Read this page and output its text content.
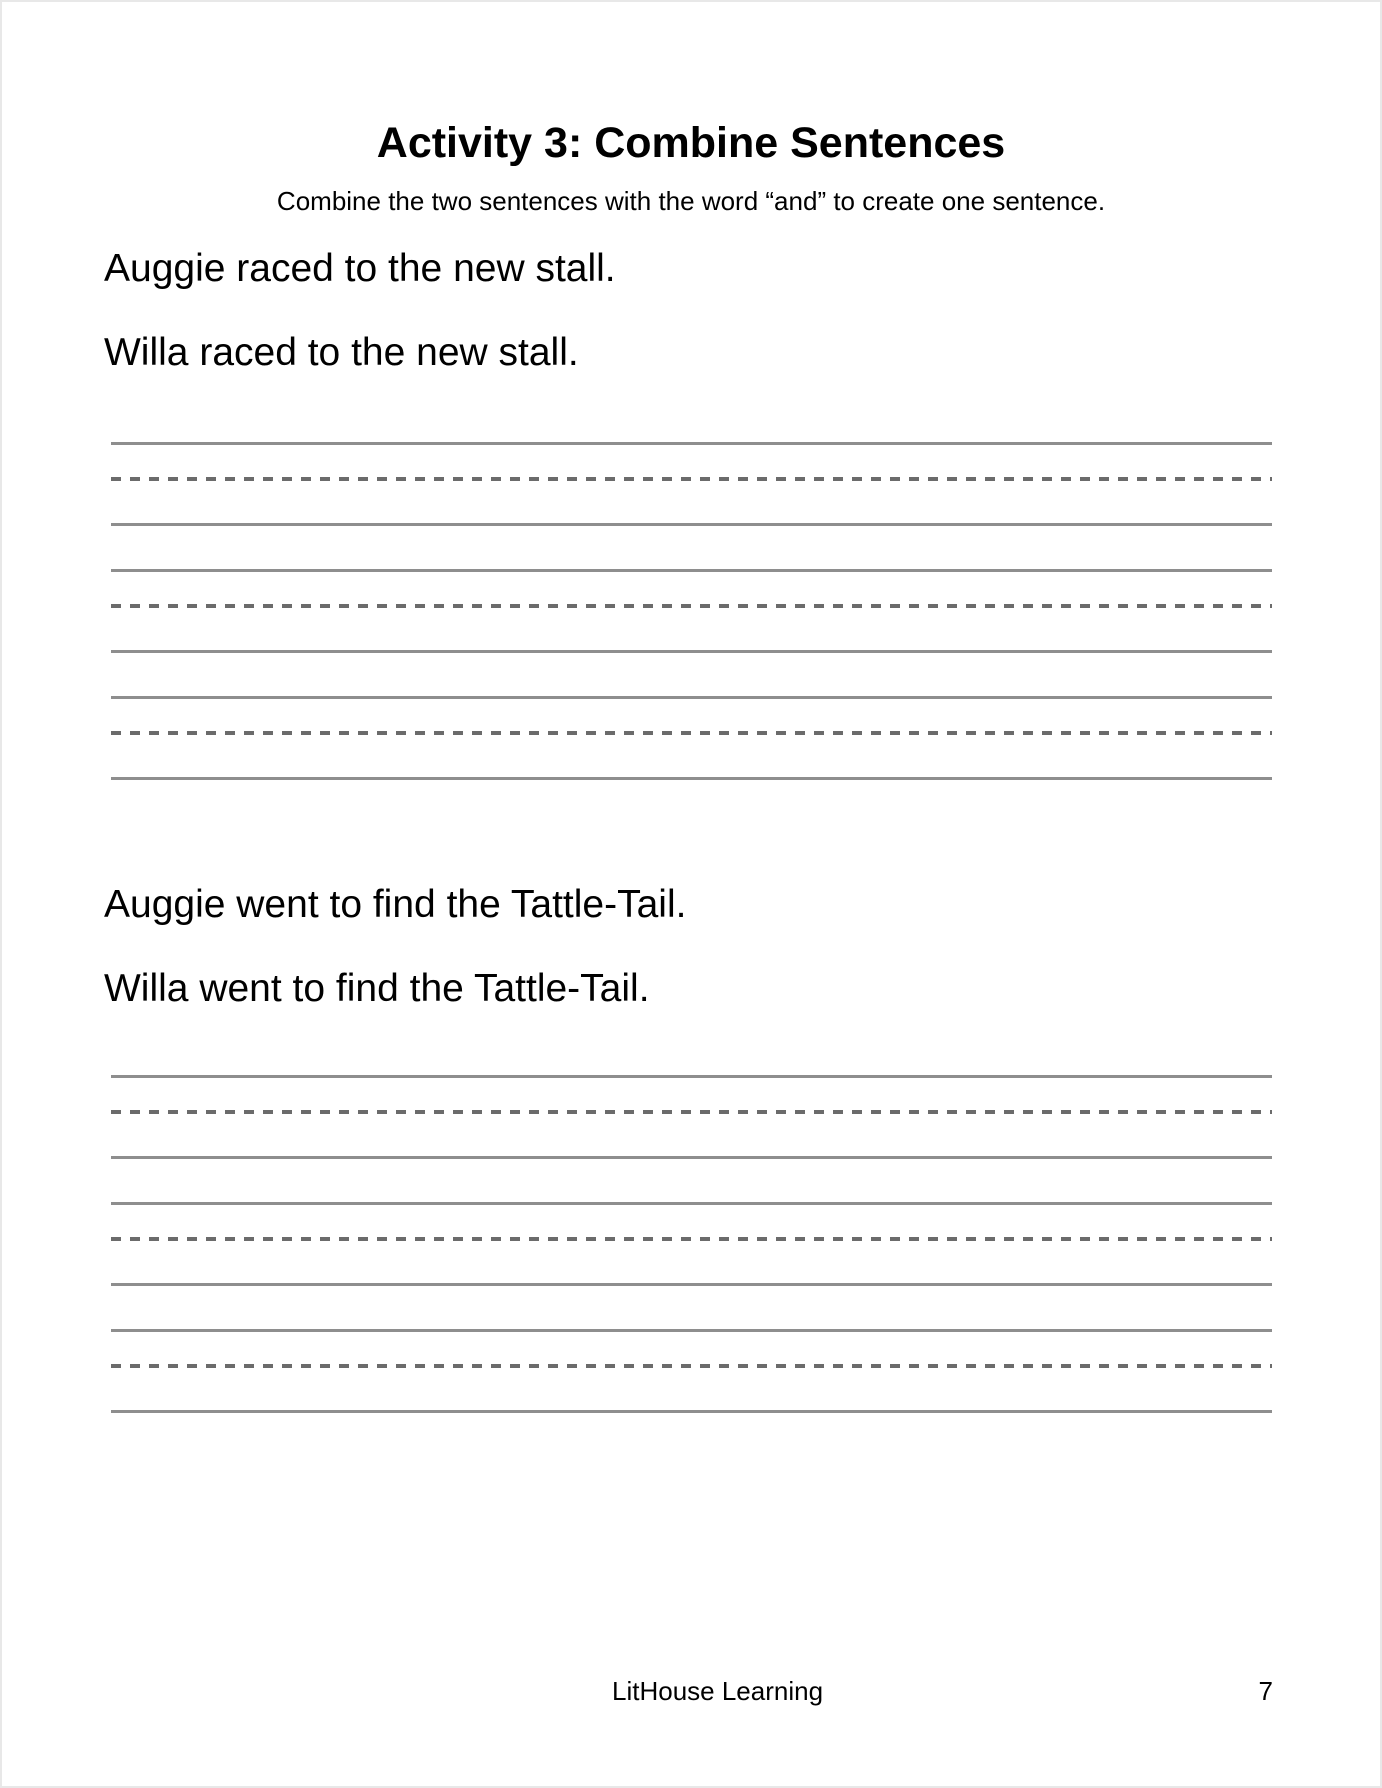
Activity 3: Combine Sentences

Combine the two sentences with the word “and” to create one sentence.

Auggie raced to the new stall.

Willa raced to the new stall.

Auggie went to find the Tattle-Tail.

Willa went to find the Tattle-Tail.

LitHouse Learning	7
